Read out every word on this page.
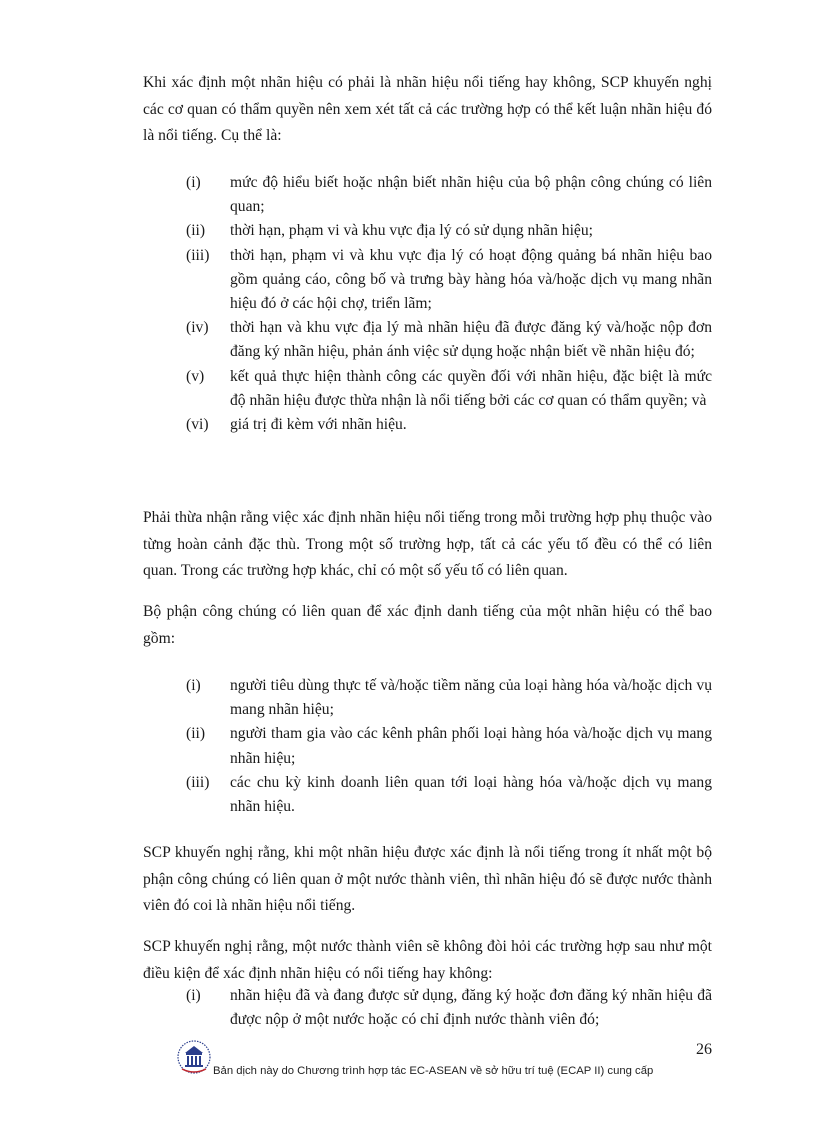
Khi xác định một nhãn hiệu có phải là nhãn hiệu nổi tiếng hay không, SCP khuyến nghị các cơ quan có thẩm quyền nên xem xét tất cả các trường hợp có thể kết luận nhãn hiệu đó là nổi tiếng. Cụ thể là:

(i) mức độ hiểu biết hoặc nhận biết nhãn hiệu của bộ phận công chúng có liên quan;
(ii) thời hạn, phạm vi và khu vực địa lý có sử dụng nhãn hiệu;
(iii) thời hạn, phạm vi và khu vực địa lý có hoạt động quảng bá nhãn hiệu bao gồm quảng cáo, công bố và trưng bày hàng hóa và/hoặc dịch vụ mang nhãn hiệu đó ở các hội chợ, triển lãm;
(iv) thời hạn và khu vực địa lý mà nhãn hiệu đã được đăng ký và/hoặc nộp đơn đăng ký nhãn hiệu, phản ánh việc sử dụng hoặc nhận biết về nhãn hiệu đó;
(v) kết quả thực hiện thành công các quyền đối với nhãn hiệu, đặc biệt là mức độ nhãn hiệu được thừa nhận là nổi tiếng bởi các cơ quan có thẩm quyền; và
(vi) giá trị đi kèm với nhãn hiệu.

Phải thừa nhận rằng việc xác định nhãn hiệu nổi tiếng trong mỗi trường hợp phụ thuộc vào từng hoàn cảnh đặc thù. Trong một số trường hợp, tất cả các yếu tố đều có thể có liên quan. Trong các trường hợp khác, chỉ có một số yếu tố có liên quan.

Bộ phận công chúng có liên quan để xác định danh tiếng của một nhãn hiệu có thể bao gồm:

(i) người tiêu dùng thực tế và/hoặc tiềm năng của loại hàng hóa và/hoặc dịch vụ mang nhãn hiệu;
(ii) người tham gia vào các kênh phân phối loại hàng hóa và/hoặc dịch vụ mang nhãn hiệu;
(iii) các chu kỳ kinh doanh liên quan tới loại hàng hóa và/hoặc dịch vụ mang nhãn hiệu.

SCP khuyến nghị rằng, khi một nhãn hiệu được xác định là nổi tiếng trong ít nhất một bộ phận công chúng có liên quan ở một nước thành viên, thì nhãn hiệu đó sẽ được nước thành viên đó coi là nhãn hiệu nổi tiếng.

SCP khuyến nghị rằng, một nước thành viên sẽ không đòi hỏi các trường hợp sau như một điều kiện để xác định nhãn hiệu có nổi tiếng hay không:

(i) nhãn hiệu đã và đang được sử dụng, đăng ký hoặc đơn đăng ký nhãn hiệu đã được nộp ở một nước hoặc có chỉ định nước thành viên đó;
26
Bản dịch này do Chương trình hợp tác EC-ASEAN về sở hữu trí tuệ (ECAP II) cung cấp
